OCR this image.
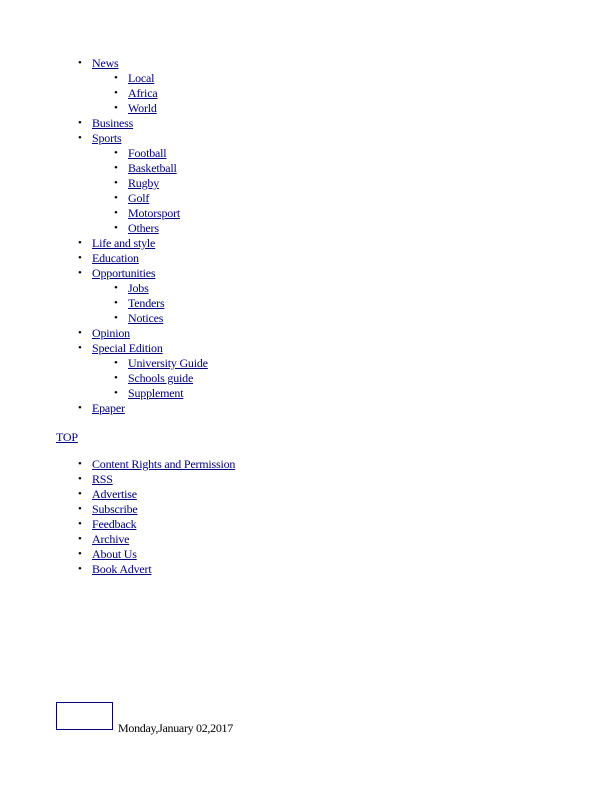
• News
• Local
• Africa
• World
• Business
• Sports
• Football
• Basketball
• Rugby
• Golf
• Motorsport
• Others
• Life and style
• Education
• Opportunities
• Jobs
• Tenders
• Notices
• Opinion
• Special Edition
• University Guide
• Schools guide
• Supplement
• Epaper
TOP
• Content Rights and Permission
• RSS
• Advertise
• Subscribe
• Feedback
• Archive
• About Us
• Book Advert
Monday,January 02,2017
